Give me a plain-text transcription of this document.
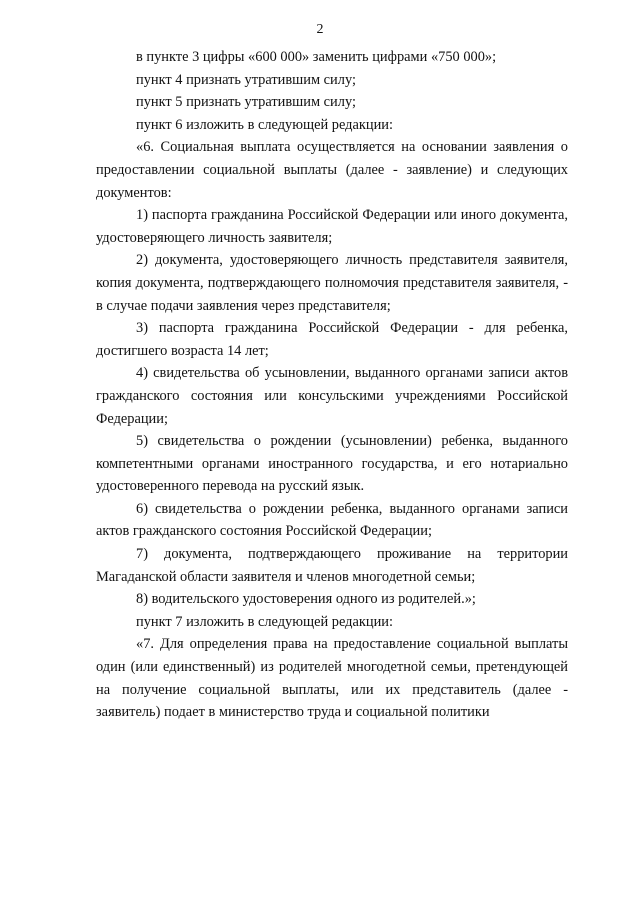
2

в пункте 3 цифры «600 000» заменить цифрами «750 000»;

пункт 4 признать утратившим силу;

пункт 5 признать утратившим силу;

пункт 6 изложить в следующей редакции:

«6. Социальная выплата осуществляется на основании заявления о предоставлении социальной выплаты (далее - заявление) и следующих документов:

1) паспорта гражданина Российской Федерации или иного документа, удостоверяющего личность заявителя;

2) документа, удостоверяющего личность представителя заявителя, копия документа, подтверждающего полномочия представителя заявителя, - в случае подачи заявления через представителя;

3) паспорта гражданина Российской Федерации - для ребенка, достигшего возраста 14 лет;

4) свидетельства об усыновлении, выданного органами записи актов гражданского состояния или консульскими учреждениями Российской Федерации;

5) свидетельства о рождении (усыновлении) ребенка, выданного компетентными органами иностранного государства, и его нотариально удостоверенного перевода на русский язык.

6) свидетельства о рождении ребенка, выданного органами записи актов гражданского состояния Российской Федерации;

7) документа, подтверждающего проживание на территории Магаданской области заявителя и членов многодетной семьи;

8) водительского удостоверения одного из родителей.»;

пункт 7 изложить в следующей редакции:

«7. Для определения права на предоставление социальной выплаты один (или единственный) из родителей многодетной семьи, претендующей на получение социальной выплаты, или их представитель (далее - заявитель) подает в министерство труда и социальной политики
